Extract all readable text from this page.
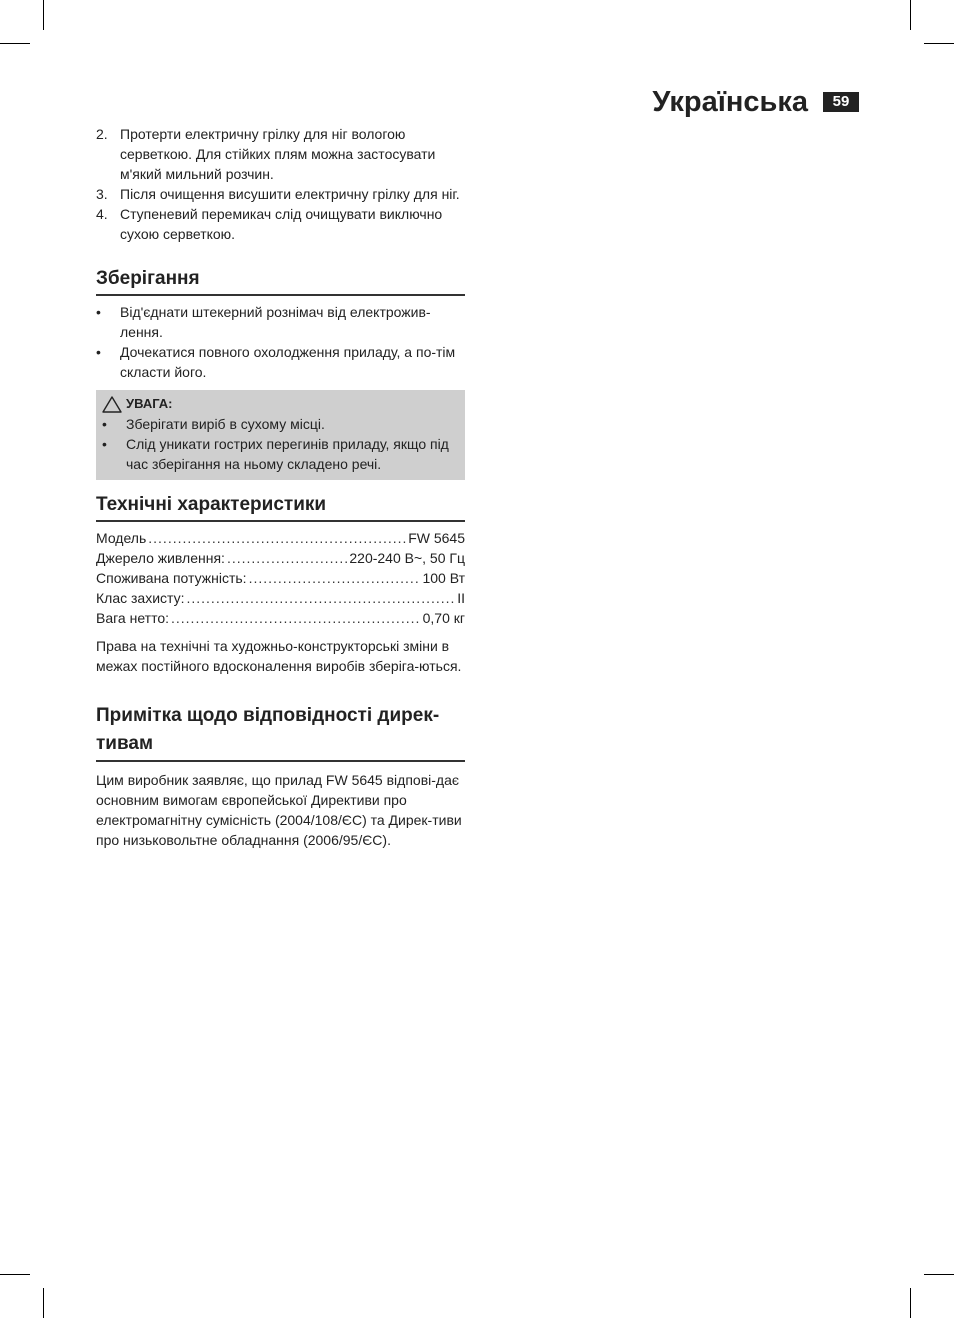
Українська	59
2. Протерти електричну грілку для ніг вологою серветкою. Для стійких плям можна застосувати м'який мильний розчин.
3. Після очищення висушити електричну грілку для ніг.
4. Ступеневий перемикач слід очищувати виключно сухою серветкою.
Зберігання
• Від'єднати штекерний рознімач від електрожив-лення.
• Дочекатися повного охолодження приладу, а по-тім скласти його.
УВАГА:
• Зберігати виріб в сухому місці.
• Слід уникати гострих перегинів приладу, якщо під час зберігання на ньому складено речі.
Технічні характеристики
Модель .....	FW 5645
Джерело живлення: .....	220-240 В~, 50 Гц
Споживана потужність: .....	100 Вт
Клас захисту: .....	II
Вага нетто: .....	0,70 кг

Права на технічні та художньо-конструкторські зміни в межах постійного вдосконалення виробів зберіга-ються.

Примітка щодо відповідності дирек-тивам

Цим виробник заявляє, що прилад FW 5645 відпові-дає основним вимогам європейської Директиви про електромагнітну сумісність (2004/108/ЄС) та Дирек-тиви про низьковольтне обладнання (2006/95/ЄС).
